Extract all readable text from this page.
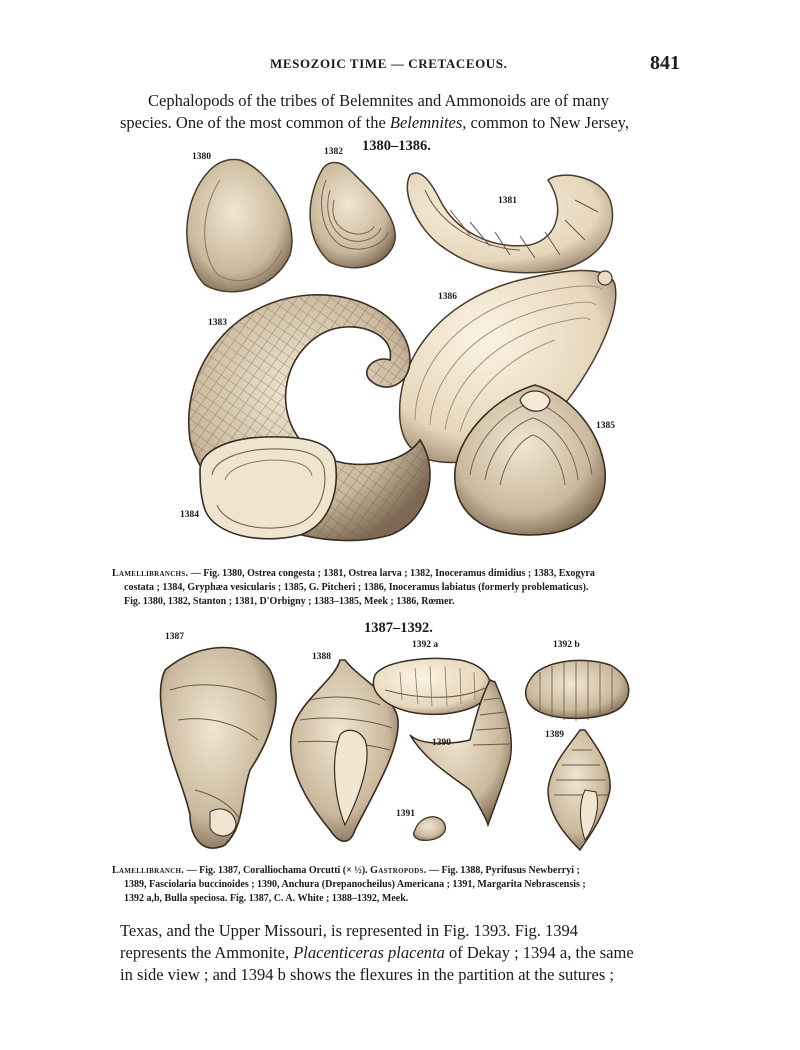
MESOZOIC TIME — CRETACEOUS.	841
Cephalopods of the tribes of Belemnites and Ammonoids are of many
species. One of the most common of the Belemnites, common to New Jersey,
1380–1386.
1380	1382
1381
1386
1383
1385
1384
Lamellibranchs. — Fig. 1380, Ostrea congesta ; 1381, Ostrea larva ; 1382, Inoceramus dimidius ; 1383, Exogyra
costata ; 1384, Gryphæa vesicularis ; 1385, G. Pitcheri ; 1386, Inoceramus labiatus (formerly problematicus).
Fig. 1380, 1382, Stanton ; 1381, D'Orbigny ; 1383–1385, Meek ; 1386, Rœmer.
1387–1392.
1387
1388
1392 a	1392 b
1390
1389
1391
Lamellibranch. — Fig. 1387, Coralliochama Orcutti (× ½). Gastropods. — Fig. 1388, Pyrifusus Newberryi ;
1389, Fasciolaria buccinoides ; 1390, Anchura (Drepanocheilus) Americana ; 1391, Margarita Nebrascensis ;
1392 a,b, Bulla speciosa. Fig. 1387, C. A. White ; 1388–1392, Meek.
Texas, and the Upper Missouri, is represented in Fig. 1393. Fig. 1394
represents the Ammonite, Placenticeras placenta of Dekay ; 1394 a, the same
in side view ; and 1394 b shows the flexures in the partition at the sutures ;
